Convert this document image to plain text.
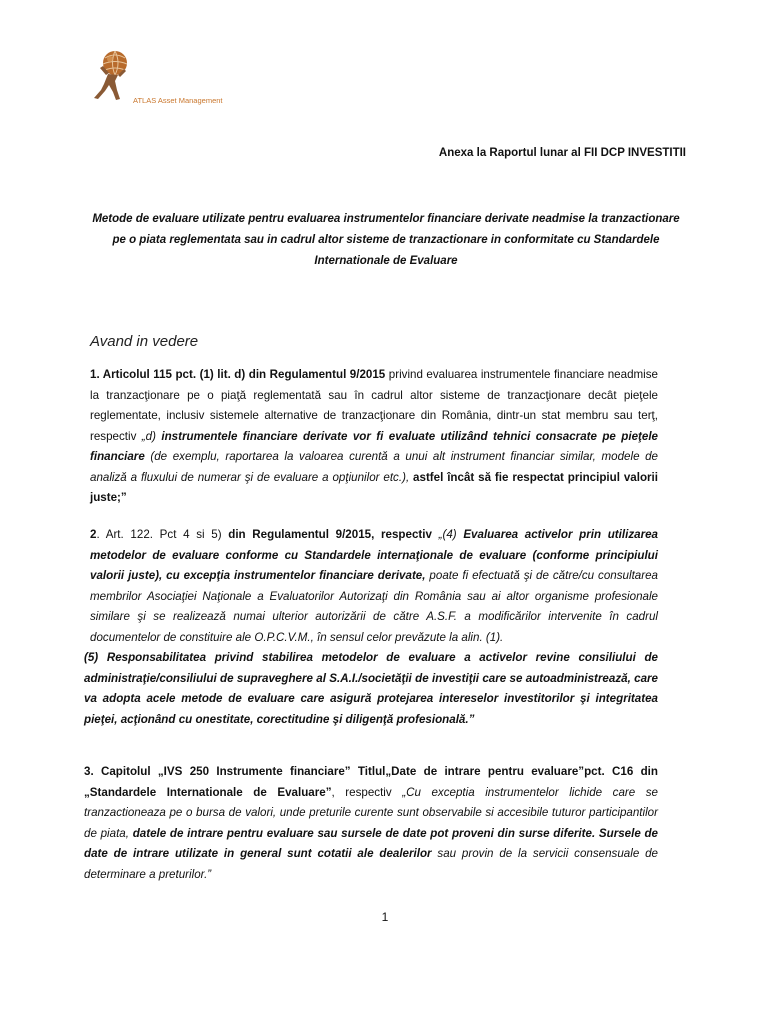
ATLAS Asset Management
Anexa la Raportul lunar al FII DCP INVESTITII
Metode de evaluare utilizate pentru evaluarea instrumentelor financiare derivate neadmise la tranzactionare pe o piata reglementata sau in cadrul altor sisteme de tranzactionare in conformitate cu Standardele Internationale de Evaluare
Avand in vedere
1. Articolul 115 pct. (1) lit. d) din Regulamentul 9/2015 privind evaluarea instrumentele financiare neadmise la tranzacţionare pe o piaţă reglementată sau în cadrul altor sisteme de tranzacţionare decât pieţele reglementate, inclusiv sistemele alternative de tranzacţionare din România, dintr-un stat membru sau terţ, respectiv „d) instrumentele financiare derivate vor fi evaluate utilizând tehnici consacrate pe pieţele financiare (de exemplu, raportarea la valoarea curentă a unui alt instrument financiar similar, modele de analiză a fluxului de numerar şi de evaluare a opţiunilor etc.), astfel încât să fie respectat principiul valorii juste;”
2. Art. 122. Pct 4 si 5) din Regulamentul 9/2015, respectiv „(4) Evaluarea activelor prin utilizarea metodelor de evaluare conforme cu Standardele internaţionale de evaluare (conforme principiului valorii juste), cu excepţia instrumentelor financiare derivate, poate fi efectuată şi de către/cu consultarea membrilor Asociaţiei Naţionale a Evaluatorilor Autorizaţi din România sau ai altor organisme profesionale similare şi se realizează numai ulterior autorizării de către A.S.F. a modificărilor intervenite în cadrul documentelor de constituire ale O.P.C.V.M., în sensul celor prevăzute la alin. (1).
(5) Responsabilitatea privind stabilirea metodelor de evaluare a activelor revine consiliului de administraţie/consiliului de supraveghere al S.A.I./societăţii de investiţii care se autoadministrează, care va adopta acele metode de evaluare care asigură protejarea intereselor investitorilor şi integritatea pieţei, acţionând cu onestitate, corectitudine şi diligenţă profesională.”
3. Capitolul „IVS 250 Instrumente financiare” Titlul„Date de intrare pentru evaluare”pct. C16 din „Standardele Internationale de Evaluare”, respectiv „Cu exceptia instrumentelor lichide care se tranzactioneaza pe o bursa de valori, unde preturile curente sunt observabile si accesibile tuturor participantilor de piata, datele de intrare pentru evaluare sau sursele de date pot proveni din surse diferite. Sursele de date de intrare utilizate in general sunt cotatii ale dealerilor sau provin de la servicii consensuale de determinare a preturilor.”
1
